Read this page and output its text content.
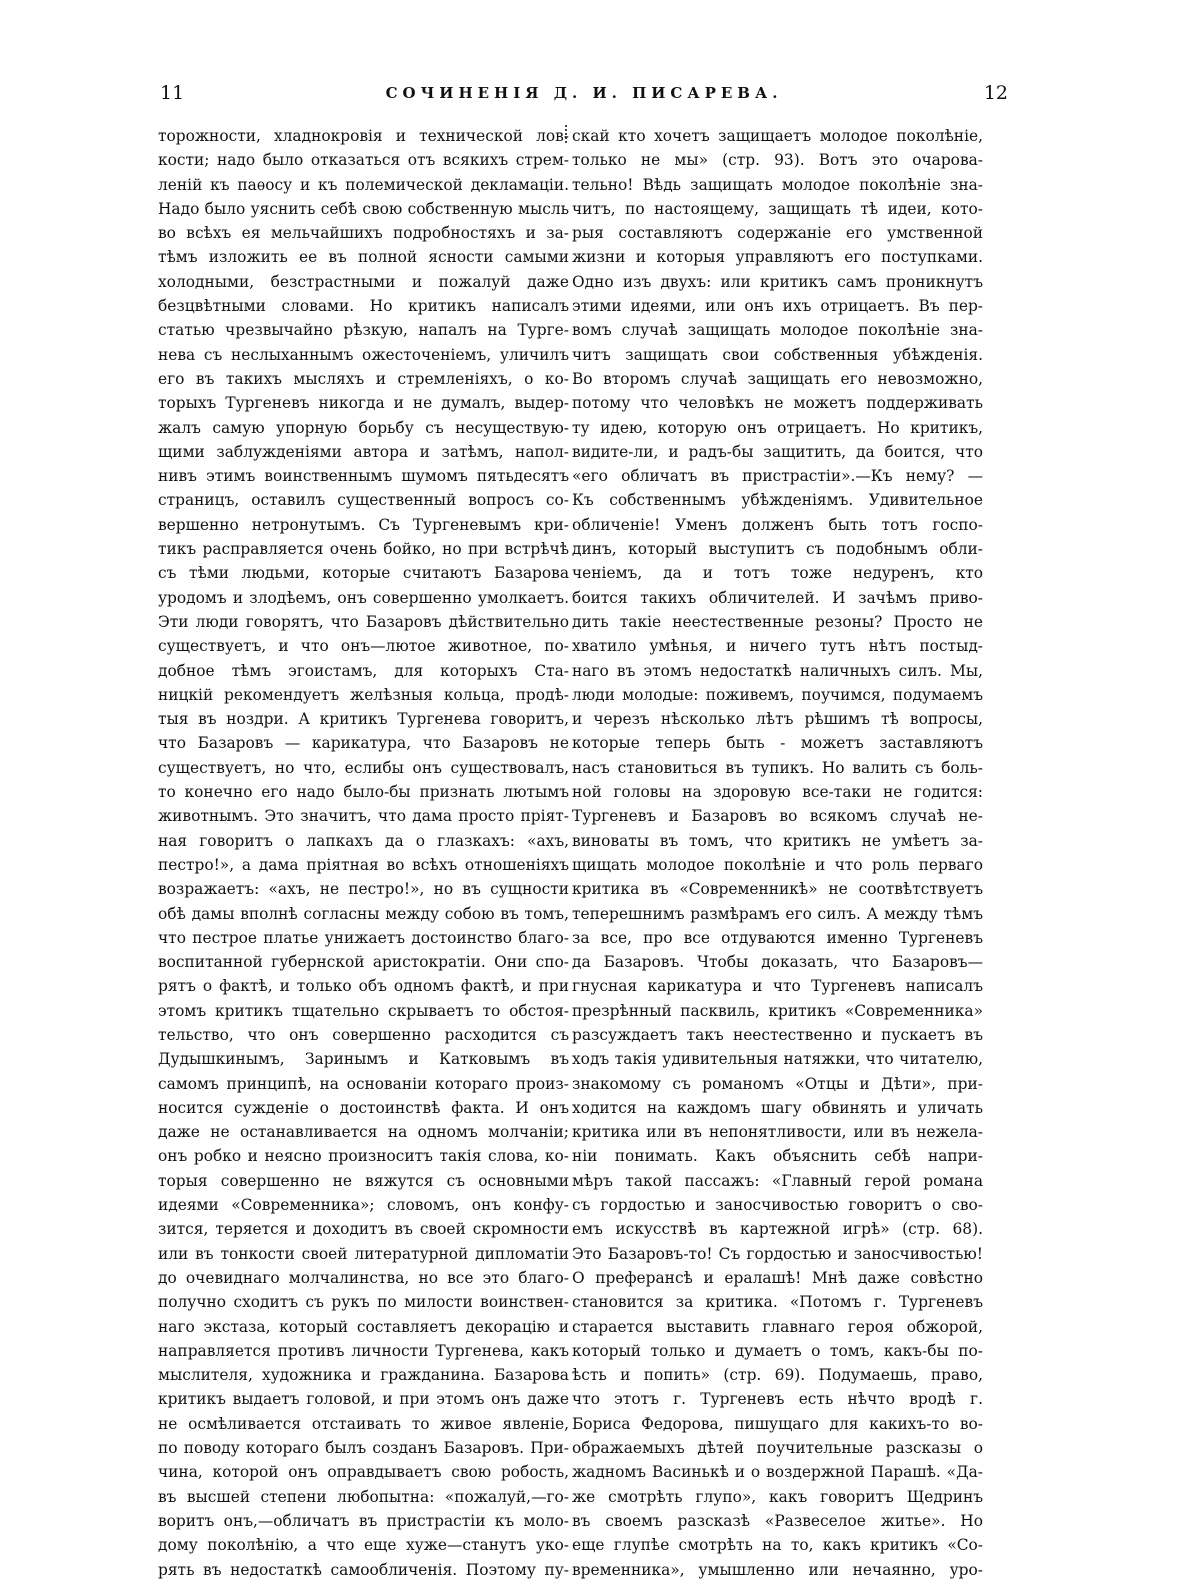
11	СОЧИНЕНІЯ Д. И. ПИСАРЕВА.	12
торожности, хладнокровія и технической лов-
кости; надо было отказаться отъ всякихъ стрем-
леній къ паѳосу и къ полемической декламаціи.
Надо было уяснить себѣ свою собственную мысль
во всѣхъ ея мельчайшихъ подробностяхъ и за-
тѣмъ изложить ее въ полной ясности самыми
холодными, безстрастными и пожалуй даже
безцвѣтными словами. Но критикъ написалъ
статью чрезвычайно рѣзкую, напалъ на Турге-
нева съ неслыханнымъ ожесточеніемъ, уличилъ
его въ такихъ мысляхъ и стремленіяхъ, о ко-
торыхъ Тургеневъ никогда и не думалъ, выдер-
жалъ самую упорную борьбу съ несуществую-
щими заблужденіями автора и затѣмъ, напол-
нивъ этимъ воинственнымъ шумомъ пятьдесятъ
страницъ, оставилъ существенный вопросъ со-
вершенно нетронутымъ. Съ Тургеневымъ кри-
тикъ расправляется очень бойко, но при встрѣчѣ
съ тѣми людьми, которые считаютъ Базарова
уродомъ и злодѣемъ, онъ совершенно умолкаетъ.
Эти люди говорятъ, что Базаровъ дѣйствительно
существуетъ, и что онъ—лютое животное, по-
добное тѣмъ эгоистамъ, для которыхъ Ста-
ницкій рекомендуетъ желѣзныя кольца, продѣ-
тыя въ ноздри. А критикъ Тургенева говоритъ,
что Базаровъ — карикатура, что Базаровъ не
существуетъ, но что, еслибы онъ существовалъ,
то конечно его надо было-бы признать лютымъ
животнымъ. Это значитъ, что дама просто пріят-
ная говоритъ о лапкахъ да о глазкахъ: «ахъ,
пестро!», а дама пріятная во всѣхъ отношеніяхъ
возражаетъ: «ахъ, не пестро!», но въ сущности
обѣ дамы вполнѣ согласны между собою въ томъ,
что пестрое платье унижаетъ достоинство благо-
воспитанной губернской аристократіи. Они спо-
рятъ о фактѣ, и только объ одномъ фактѣ, и при
этомъ критикъ тщательно скрываетъ то обстоя-
тельство, что онъ совершенно расходится съ
Дудышкинымъ, Заринымъ и Катковымъ въ
самомъ принципѣ, на основаніи котораго произ-
носится сужденіе о достоинствѣ факта. И онъ
даже не останавливается на одномъ молчаніи;
онъ робко и неясно произноситъ такія слова, ко-
торыя совершенно не вяжутся съ основными
идеями «Современника»; словомъ, онъ конфу-
зится, теряется и доходитъ въ своей скромности
или въ тонкости своей литературной дипломатіи
до очевиднаго молчалинства, но все это благо-
получно сходитъ съ рукъ по милости воинствен-
наго экстаза, который составляетъ декорацію и
направляется противъ личности Тургенева, какъ
мыслителя, художника и гражданина. Базарова
критикъ выдаетъ головой, и при этомъ онъ даже
не осмѣливается отстаивать то живое явленіе,
по поводу котораго былъ созданъ Базаровъ. При-
чина, которой онъ оправдываетъ свою робость,
въ высшей степени любопытна: «пожалуй,—го-
воритъ онъ,—обличатъ въ пристрастіи къ моло-
дому поколѣнію, а что еще хуже—станутъ уко-
рять въ недостаткѣ самообличенія. Поэтому пу-
скай кто хочетъ защищаетъ молодое поколѣніе,
только не мы» (стр. 93). Вотъ это очарова-
тельно! Вѣдь защищать молодое поколѣніе зна-
читъ, по настоящему, защищать тѣ идеи, кото-
рыя составляютъ содержаніе его умственной
жизни и которыя управляютъ его поступками.
Одно изъ двухъ: или критикъ самъ проникнутъ
этими идеями, или онъ ихъ отрицаетъ. Въ пер-
вомъ случаѣ защищать молодое поколѣніе зна-
читъ защищать свои собственныя убѣжденія.
Во второмъ случаѣ защищать его невозможно,
потому что человѣкъ не можетъ поддерживать
ту идею, которую онъ отрицаетъ. Но критикъ,
видите-ли, и радъ-бы защитить, да боится, что
«его обличатъ въ пристрастіи».—Къ нему? —
Къ собственнымъ убѣжденіямъ. Удивительное
обличеніе! Уменъ долженъ быть тотъ госпо-
динъ, который выступитъ съ подобнымъ обли-
ченіемъ, да и тотъ тоже недуренъ, кто
боится такихъ обличителей. И зачѣмъ приво-
дить такіе неестественные резоны? Просто не
хватило умѣнья, и ничего тутъ нѣтъ постыд-
наго въ этомъ недостаткѣ наличныхъ силъ. Мы,
люди молодые: поживемъ, поучимся, подумаемъ
и черезъ нѣсколько лѣтъ рѣшимъ тѣ вопросы,
которые теперь быть - можетъ заставляютъ
насъ становиться въ тупикъ. Но валить съ боль-
ной головы на здоровую все-таки не годится:
Тургеневъ и Базаровъ во всякомъ случаѣ не-
виноваты въ томъ, что критикъ не умѣетъ за-
щищать молодое поколѣніе и что роль перваго
критика въ «Современникѣ» не соотвѣтствуетъ
теперешнимъ размѣрамъ его силъ. А между тѣмъ
за все, про все отдуваются именно Тургеневъ
да Базаровъ. Чтобы доказать, что Базаровъ—
гнусная карикатура и что Тургеневъ написалъ
презрѣнный пасквиль, критикъ «Современника»
разсуждаетъ такъ неестественно и пускаетъ въ
ходъ такія удивительныя натяжки, что читателю,
знакомому съ романомъ «Отцы и Дѣти», при-
ходится на каждомъ шагу обвинять и уличать
критика или въ непонятливости, или въ нежела-
ніи понимать. Какъ объяснить себѣ напри-
мѣръ такой пассажъ: «Главный герой романа
съ гордостью и заносчивостью говоритъ о сво-
емъ искусствѣ въ картежной игрѣ» (стр. 68).
Это Базаровъ-то! Съ гордостью и заносчивостью!
О преферансѣ и ералашѣ! Мнѣ даже совѣстно
становится за критика. «Потомъ г. Тургеневъ
старается выставить главнаго героя обжорой,
который только и думаетъ о томъ, какъ-бы по-
ѣсть и попить» (стр. 69). Подумаешь, право,
что этотъ г. Тургеневъ есть нѣчто вродѣ г.
Бориса Федорова, пишущаго для какихъ-то во-
ображаемыхъ дѣтей поучительные разсказы о
жадномъ Васинькѣ и о воздержной Парашѣ. «Да-
же смотрѣть глупо», какъ говоритъ Щедринъ
въ своемъ разсказѣ «Развеселое житье». Но
еще глупѣе смотрѣть на то, какъ критикъ «Со-
временника», умышленно или нечаянно, уро-
